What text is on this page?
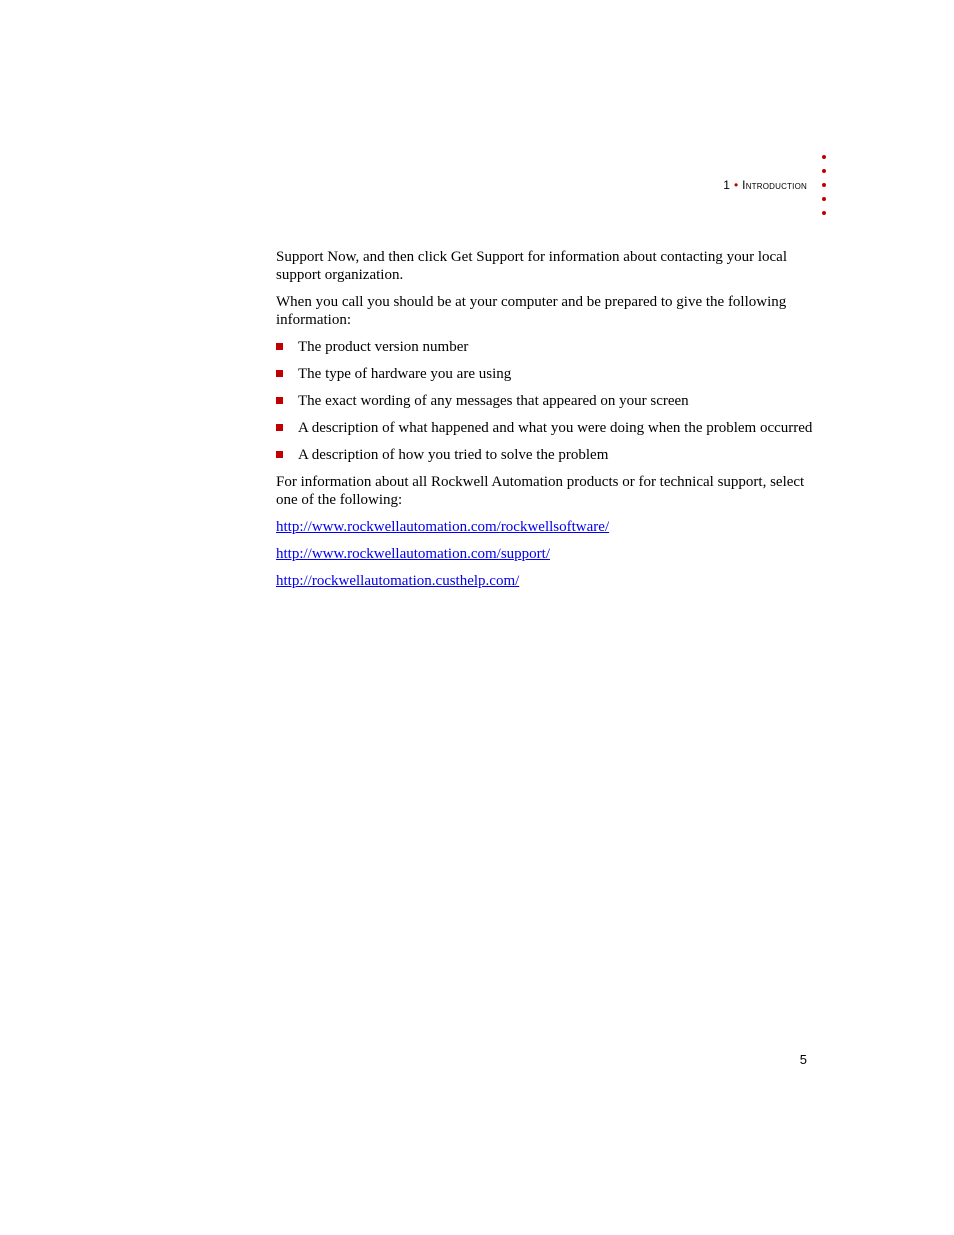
1 • Introduction

Support Now, and then click Get Support for information about contacting your local support organization.

When you call you should be at your computer and be prepared to give the following information:

The product version number
The type of hardware you are using
The exact wording of any messages that appeared on your screen
A description of what happened and what you were doing when the problem occurred
A description of how you tried to solve the problem

For information about all Rockwell Automation products or for technical support, select one of the following:

http://www.rockwellautomation.com/rockwellsoftware/

http://www.rockwellautomation.com/support/

http://rockwellautomation.custhelp.com/

5
